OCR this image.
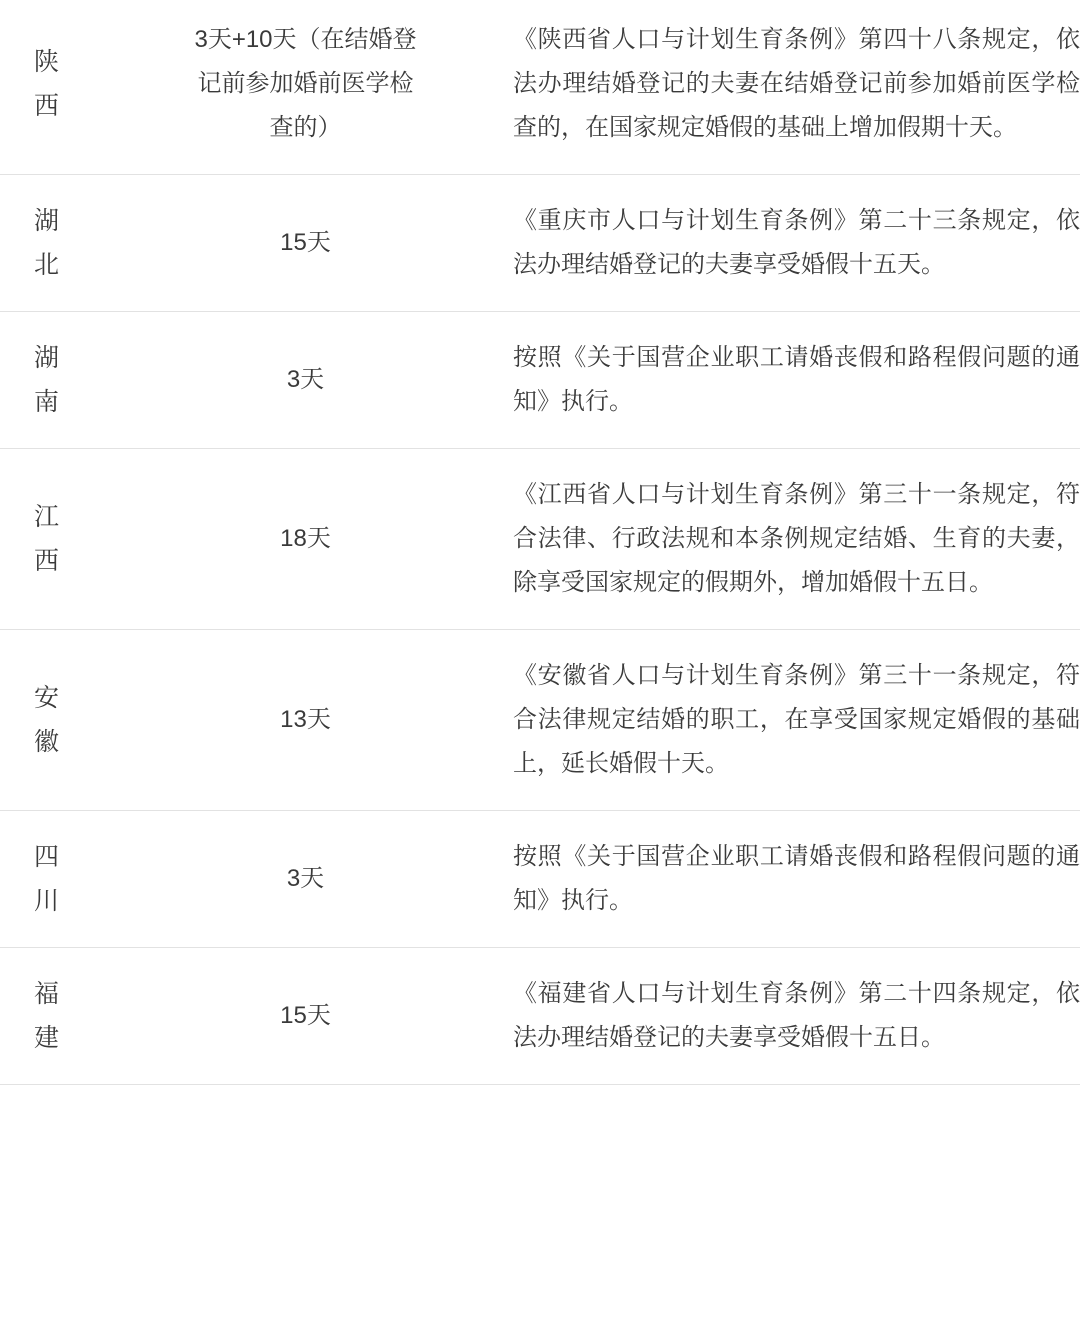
陕西	3天+10天（在结婚登记前参加婚前医学检查的）	《陕西省人口与计划生育条例》第四十八条规定，依法办理结婚登记的夫妻在结婚登记前参加婚前医学检查的，在国家规定婚假的基础上增加假期十天。
湖北	15天	《重庆市人口与计划生育条例》第二十三条规定，依法办理结婚登记的夫妻享受婚假十五天。
湖南	3天	按照《关于国营企业职工请婚丧假和路程假问题的通知》执行。
江西	18天	《江西省人口与计划生育条例》第三十一条规定，符合法律、行政法规和本条例规定结婚、生育的夫妻，除享受国家规定的假期外，增加婚假十五日。
安徽	13天	《安徽省人口与计划生育条例》第三十一条规定，符合法律规定结婚的职工，在享受国家规定婚假的基础上，延长婚假十天。
四川	3天	按照《关于国营企业职工请婚丧假和路程假问题的通知》执行。
福建	15天	《福建省人口与计划生育条例》第二十四条规定，依法办理结婚登记的夫妻享受婚假十五日。
